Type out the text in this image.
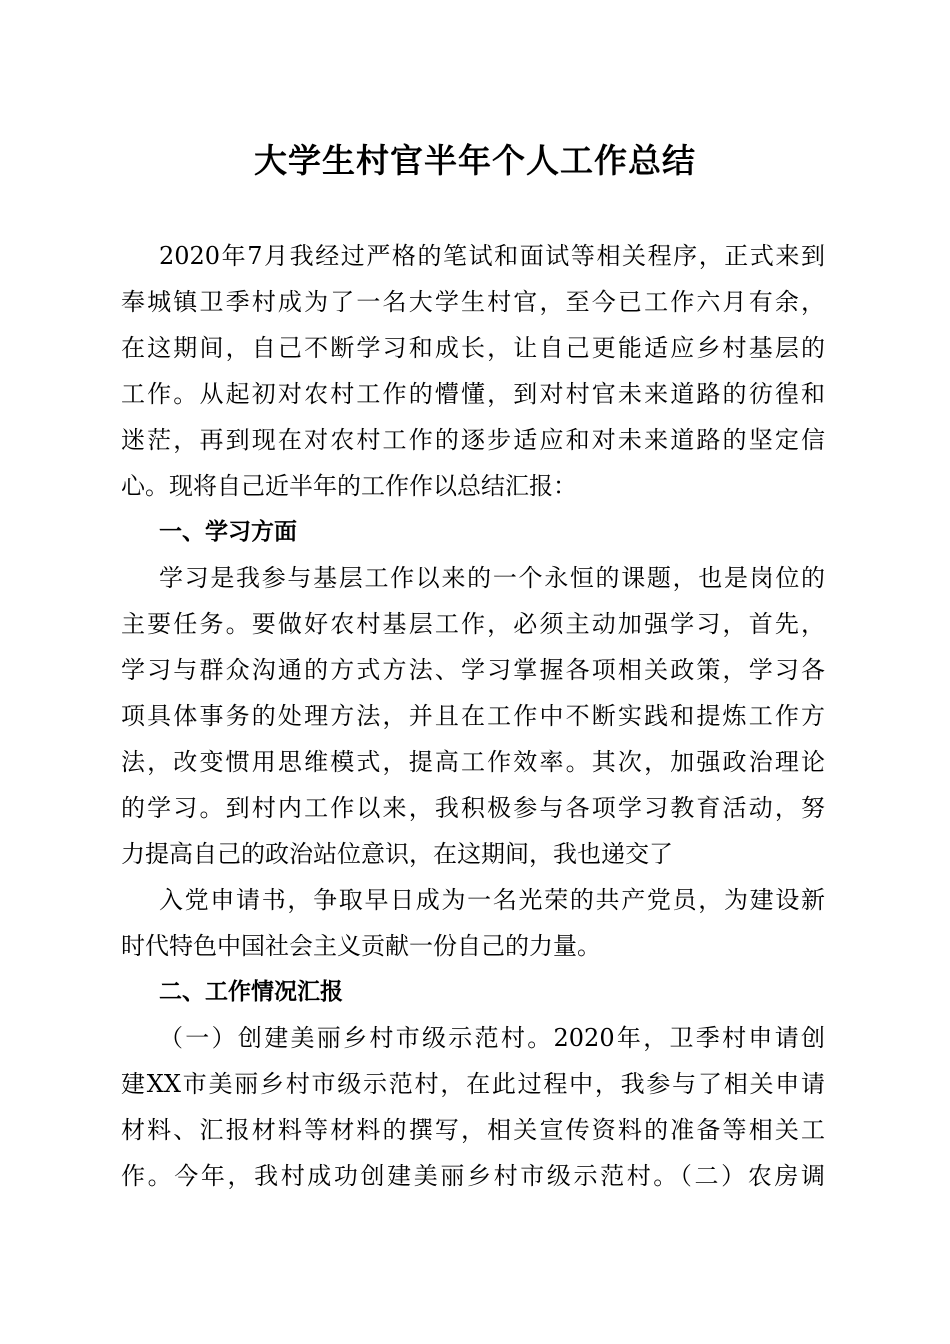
大学生村官半年个人工作总结
2020年7月我经过严格的笔试和面试等相关程序，正式来到
奉城镇卫季村成为了一名大学生村官，至今已工作六月有余，
在这期间，自己不断学习和成长，让自己更能适应乡村基层的
工作。从起初对农村工作的懵懂，到对村官未来道路的彷徨和
迷茫，再到现在对农村工作的逐步适应和对未来道路的坚定信
心。现将自己近半年的工作作以总结汇报：
一、学习方面
学习是我参与基层工作以来的一个永恒的课题，也是岗位的
主要任务。要做好农村基层工作，必须主动加强学习，首先，
学习与群众沟通的方式方法、学习掌握各项相关政策，学习各
项具体事务的处理方法，并且在工作中不断实践和提炼工作方
法，改变惯用思维模式，提高工作效率。其次，加强政治理论
的学习。到村内工作以来，我积极参与各项学习教育活动，努
力提高自己的政治站位意识，在这期间，我也递交了
入党申请书，争取早日成为一名光荣的共产党员，为建设新
时代特色中国社会主义贡献一份自己的力量。
二、工作情况汇报
（一）创建美丽乡村市级示范村。2020年，卫季村申请创
建XX市美丽乡村市级示范村，在此过程中，我参与了相关申请
材料、汇报材料等材料的撰写，相关宣传资料的准备等相关工
作。今年，我村成功创建美丽乡村市级示范村。（二）农房调
